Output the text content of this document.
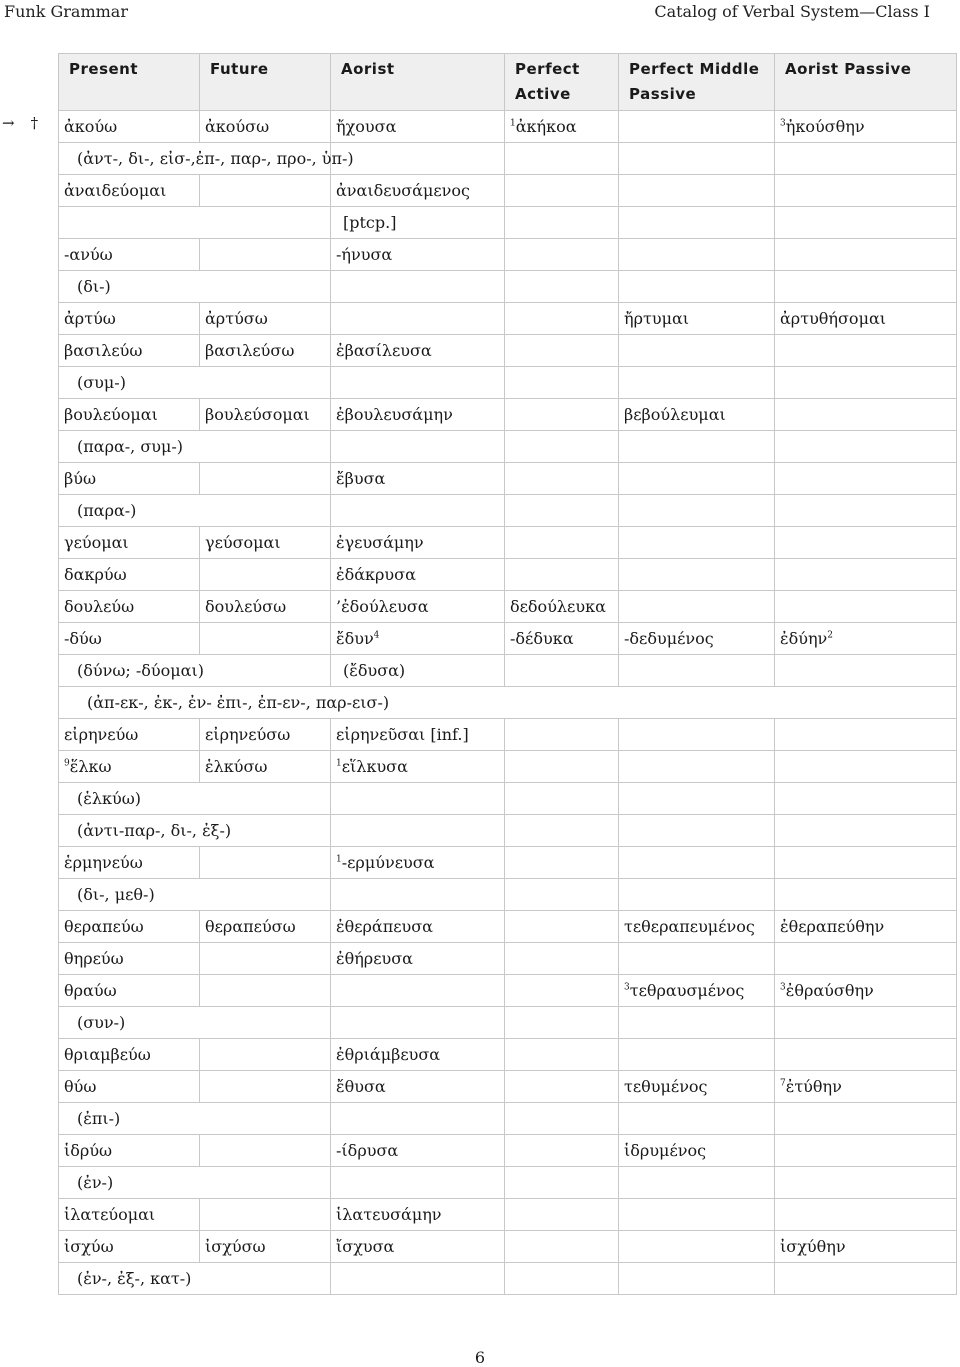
Funk Grammar	Catalog of Verbal System—Class I
→ †
Present	Future	Aorist	Perfect Active	Perfect Middle Passive	Aorist Passive
ἀκούω	ἀκούσω	ἤχουσα	$^1$ἀκήκοα		$^3$ἠκούσθην
(ἀντ-, δι-, εἰσ-,ἐπ-, παρ-, προ-, ὑπ-)					
ἀναιδεύομαι		ἀναιδευσάμενος			
		[ptcp.]			
-ανύω		-ήνυσα			
(δι-)					
ἀρτύω	ἀρτύσω			ἤρτυμαι	ἀρτυθήσομαι
βασιλεύω	βασιλεύσω	ἐβασίλευσα			
(συμ-)					
βουλεύομαι	βουλεύσομαι	ἐβουλευσάμην		βεβούλευμαι	
(παρα-, συμ-)					
βύω		ἔβυσα			
(παρα-)					
γεύομαι	γεύσομαι	ἐγευσάμην			
δακρύω		ἐδάκρυσα			
δουλεύω	δουλεύσω	’ἐδούλευσα	δεδούλευκα		
-δύω		ἔδυν$^4$	-δέδυκα	-δεδυμένος	ἐδύην$^2$
(δύνω; -δύομαι)		(ἔδυσα)			
(ἀπ-εκ-, ἐκ-, ἐν- ἐπι-, ἐπ-εν-, παρ-εισ-)					
εἰρηνεύω	εἰρηνεύσω	εἰρηνεῦσαι [inf.]			
$^9$ἕλκω	ἑλκύσω	$^1$εἵλκυσα			
(ἑλκύω)					
(ἀντι-παρ-, δι-, ἐξ-)					
ἑρμηνεύω		$^1$-ερμύνευσα			
(δι-, μεθ-)					
θεραπεύω	θεραπεύσω	ἐθεράπευσα		τεθεραπευμένος	ἐθεραπεύθην
θηρεύω		ἐθήρευσα			
θραύω				$^3$τεθραυσμένος	$^3$ἐθραύσθην
(συν-)					
θριαμβεύω		ἐθριάμβευσα			
θύω		ἔθυσα		τεθυμένος	$^7$ἐτύθην
(ἐπι-)					
ἱδρύω		-ίδρυσα		ἱδρυμένος	
(ἐν-)					
ἱλατεύομαι		ἱλατευσάμην			
ἰσχύω	ἰσχύσω	ἴσχυσα			ἰσχύθην
(ἐν-, ἐξ-, κατ-)					
6
